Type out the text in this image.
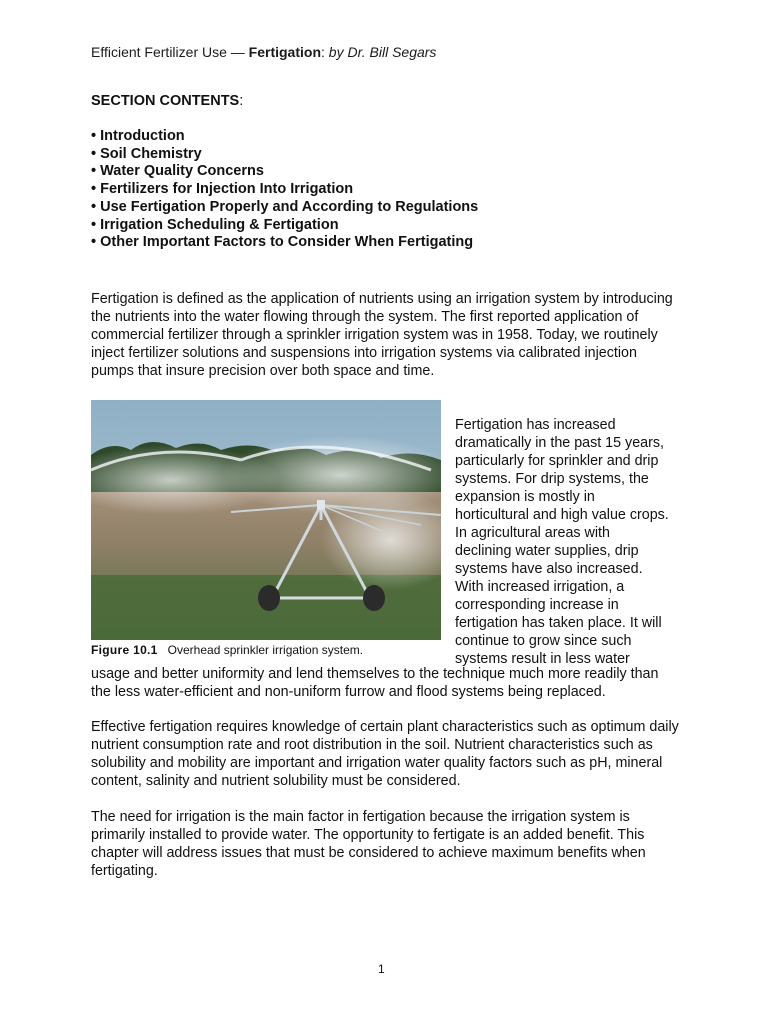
Efficient Fertilizer Use — Fertigation: by Dr. Bill Segars
SECTION CONTENTS:
• Introduction
• Soil Chemistry
• Water Quality Concerns
• Fertilizers for Injection Into Irrigation
• Use Fertigation Properly and According to Regulations
• Irrigation Scheduling & Fertigation
• Other Important Factors to Consider When Fertigating

Fertigation is defined as the application of nutrients using an irrigation system by introducing the nutrients into the water flowing through the system. The first reported application of commercial fertilizer through a sprinkler irrigation system was in 1958. Today, we routinely inject fertilizer solutions and suspensions into irrigation systems via calibrated injection pumps that insure precision over both space and time.

Figure 10.1 Overhead sprinkler irrigation system.

Fertigation has increased dramatically in the past 15 years, particularly for sprinkler and drip systems. For drip systems, the expansion is mostly in horticultural and high value crops. In agricultural areas with declining water supplies, drip systems have also increased. With increased irrigation, a corresponding increase in fertigation has taken place. It will continue to grow since such systems result in less water

usage and better uniformity and lend themselves to the technique much more readily than the less water-efficient and non-uniform furrow and flood systems being replaced.

Effective fertigation requires knowledge of certain plant characteristics such as optimum daily nutrient consumption rate and root distribution in the soil. Nutrient characteristics such as solubility and mobility are important and irrigation water quality factors such as pH, mineral content, salinity and nutrient solubility must be considered.

The need for irrigation is the main factor in fertigation because the irrigation system is primarily installed to provide water. The opportunity to fertigate is an added benefit. This chapter will address issues that must be considered to achieve maximum benefits when fertigating.

1
